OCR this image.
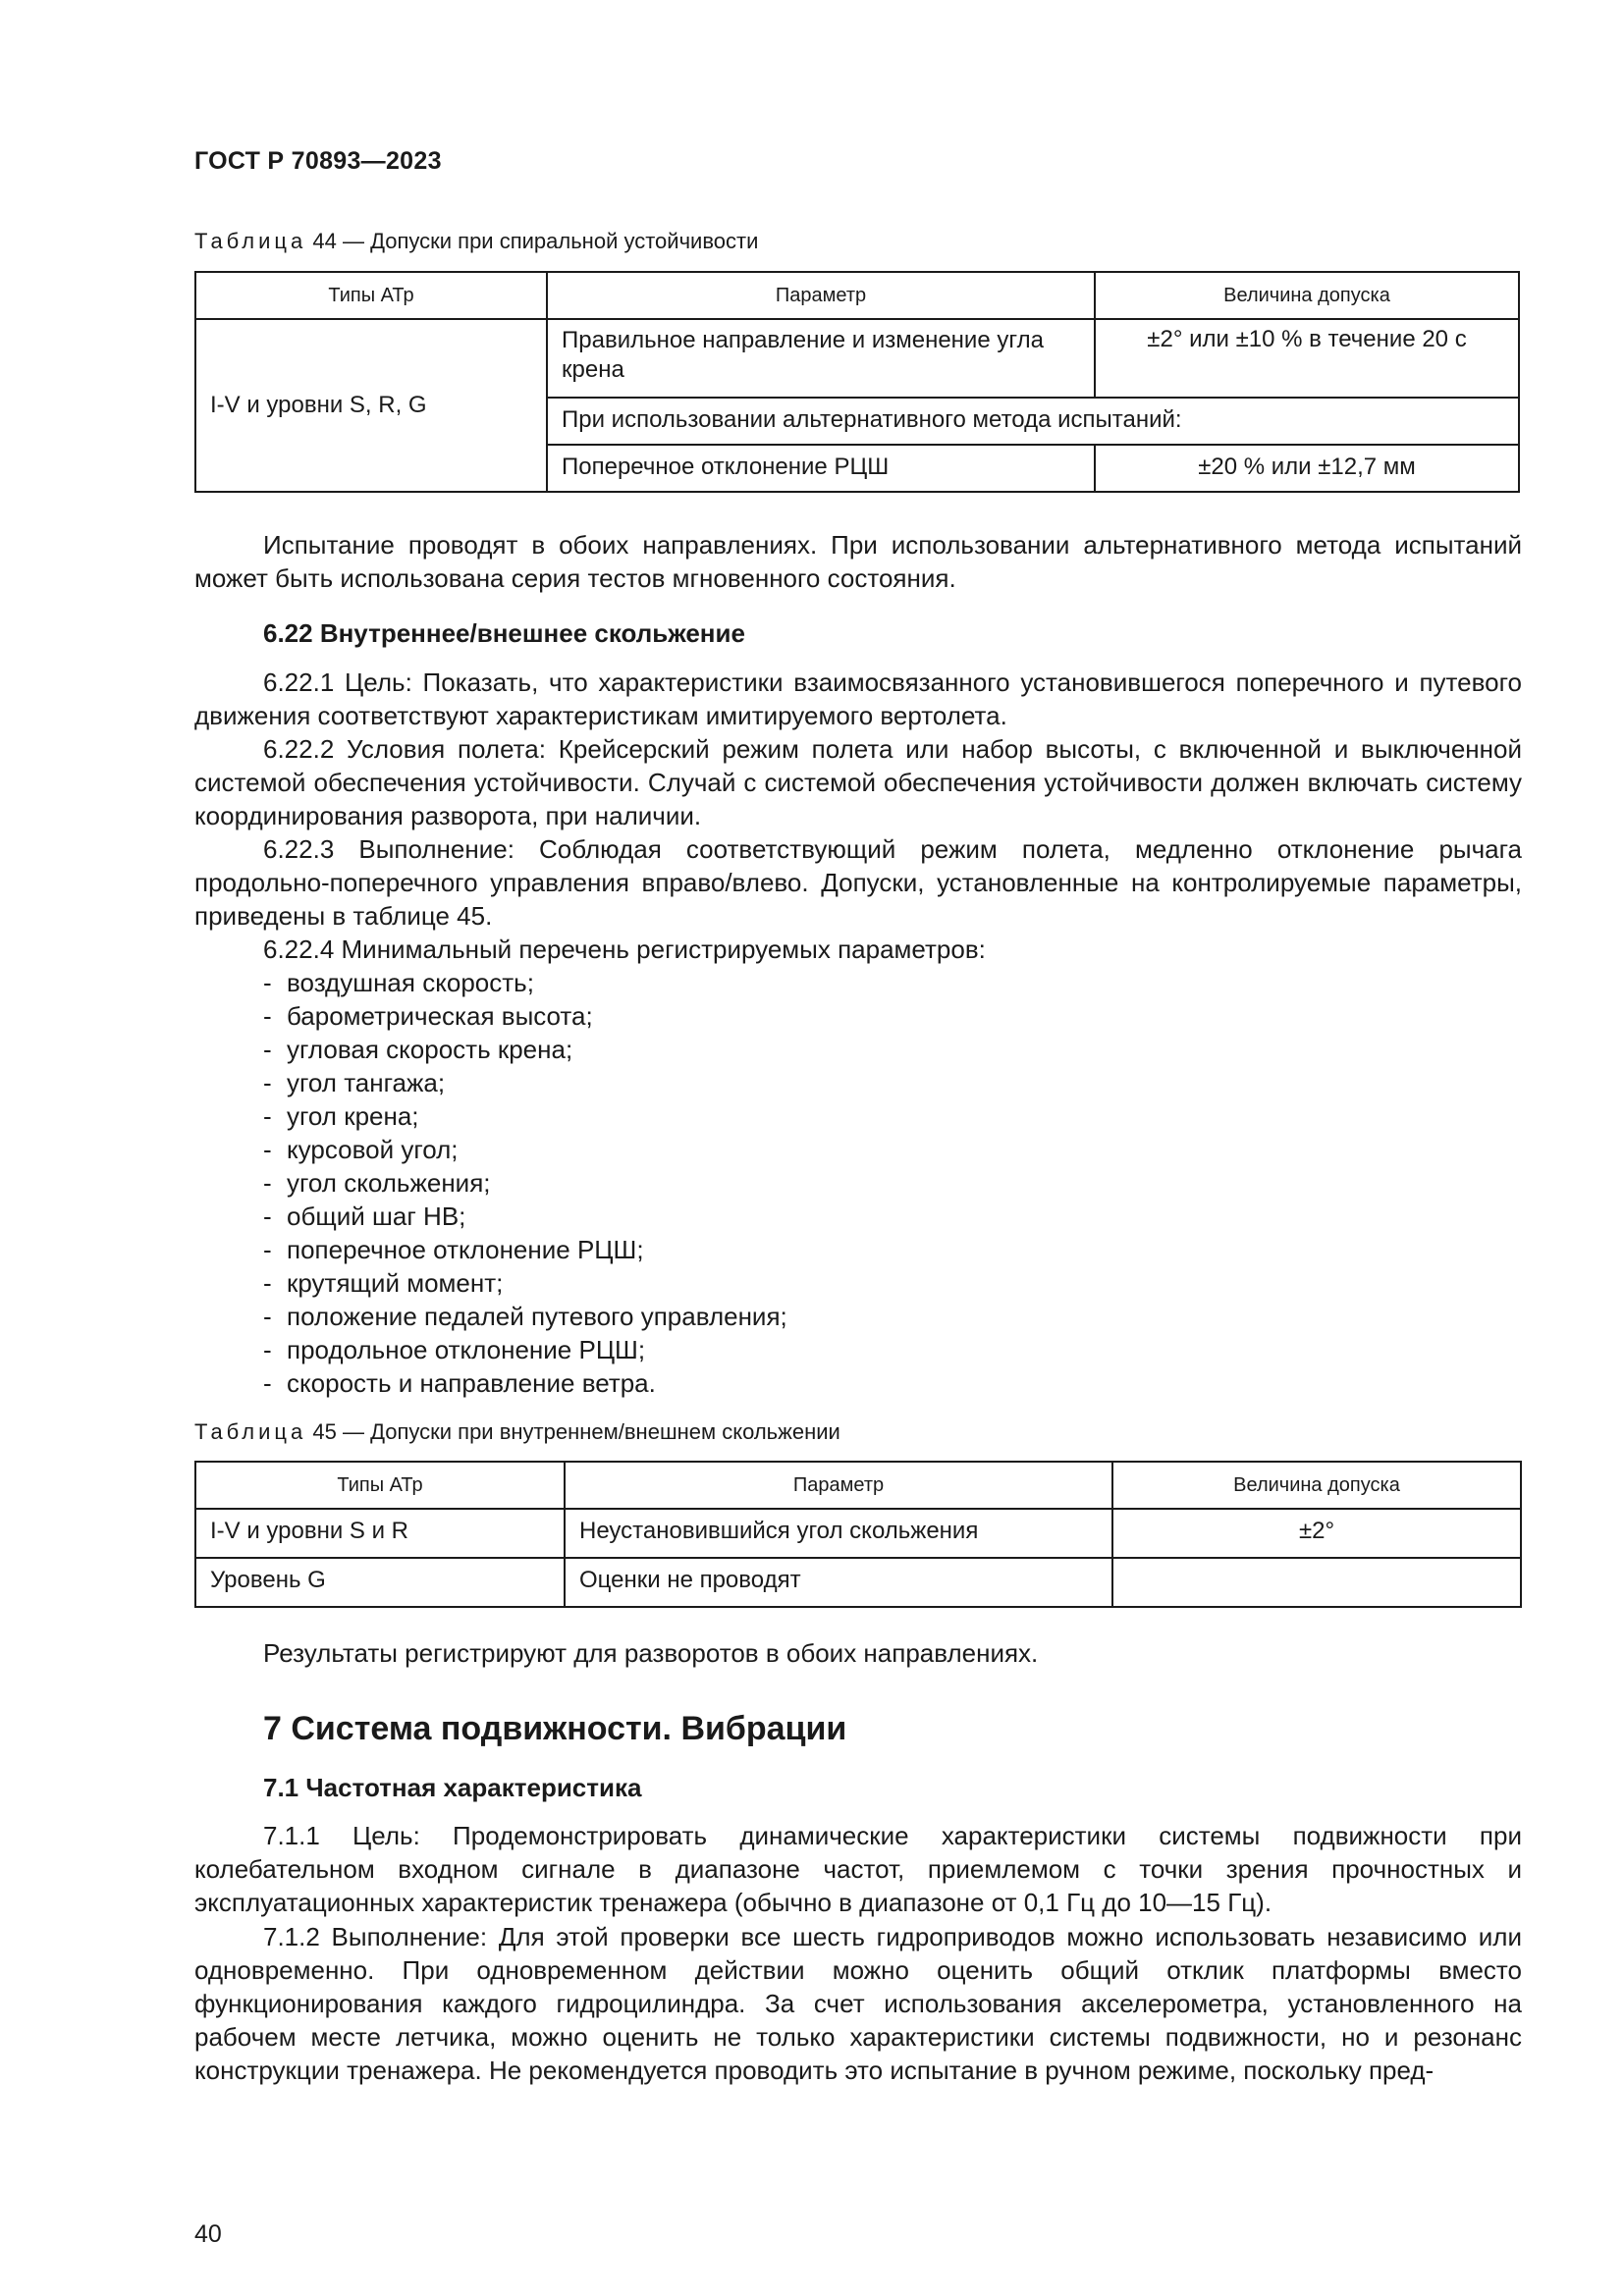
ГОСТ Р 70893—2023
Таблица 44 — Допуски при спиральной устойчивости
Типы АТр	Параметр	Величина допуска
I-V и уровни S, R, G	Правильное направление и изменение угла крена	±2° или ±10 % в течение 20 с
	При использовании альтернативного метода испытаний:	
	Поперечное отклонение РЦШ	±20 % или ±12,7 мм

Испытание проводят в обоих направлениях. При использовании альтернативного метода испытаний может быть использована серия тестов мгновенного состояния.

6.22 Внутреннее/внешнее скольжение

6.22.1 Цель: Показать, что характеристики взаимосвязанного установившегося поперечного и путевого движения соответствуют характеристикам имитируемого вертолета.

6.22.2 Условия полета: Крейсерский режим полета или набор высоты, с включенной и выключенной системой обеспечения устойчивости. Случай с системой обеспечения устойчивости должен включать систему координирования разворота, при наличии.

6.22.3 Выполнение: Соблюдая соответствующий режим полета, медленно отклонение рычага продольно-поперечного управления вправо/влево. Допуски, установленные на контролируемые параметры, приведены в таблице 45.

6.22.4 Минимальный перечень регистрируемых параметров:

- воздушная скорость;
- барометрическая высота;
- угловая скорость крена;
- угол тангажа;
- угол крена;
- курсовой угол;
- угол скольжения;
- общий шаг НВ;
- поперечное отклонение РЦШ;
- крутящий момент;
- положение педалей путевого управления;
- продольное отклонение РЦШ;
- скорость и направление ветра.
Таблица 45 — Допуски при внутреннем/внешнем скольжении
Типы АТр	Параметр	Величина допуска
I-V и уровни S и R	Неустановившийся угол скольжения	±2°
Уровень G	Оценки не проводят	

Результаты регистрируют для разворотов в обоих направлениях.

7 Система подвижности. Вибрации
7.1 Частотная характеристика

7.1.1 Цель: Продемонстрировать динамические характеристики системы подвижности при колебательном входном сигнале в диапазоне частот, приемлемом с точки зрения прочностных и эксплуатационных характеристик тренажера (обычно в диапазоне от 0,1 Гц до 10—15 Гц).

7.1.2 Выполнение: Для этой проверки все шесть гидроприводов можно использовать независимо или одновременно. При одновременном действии можно оценить общий отклик платформы вместо функционирования каждого гидроцилиндра. За счет использования акселерометра, установленного на рабочем месте летчика, можно оценить не только характеристики системы подвижности, но и резонанс конструкции тренажера. Не рекомендуется проводить это испытание в ручном режиме, поскольку пред-

40
